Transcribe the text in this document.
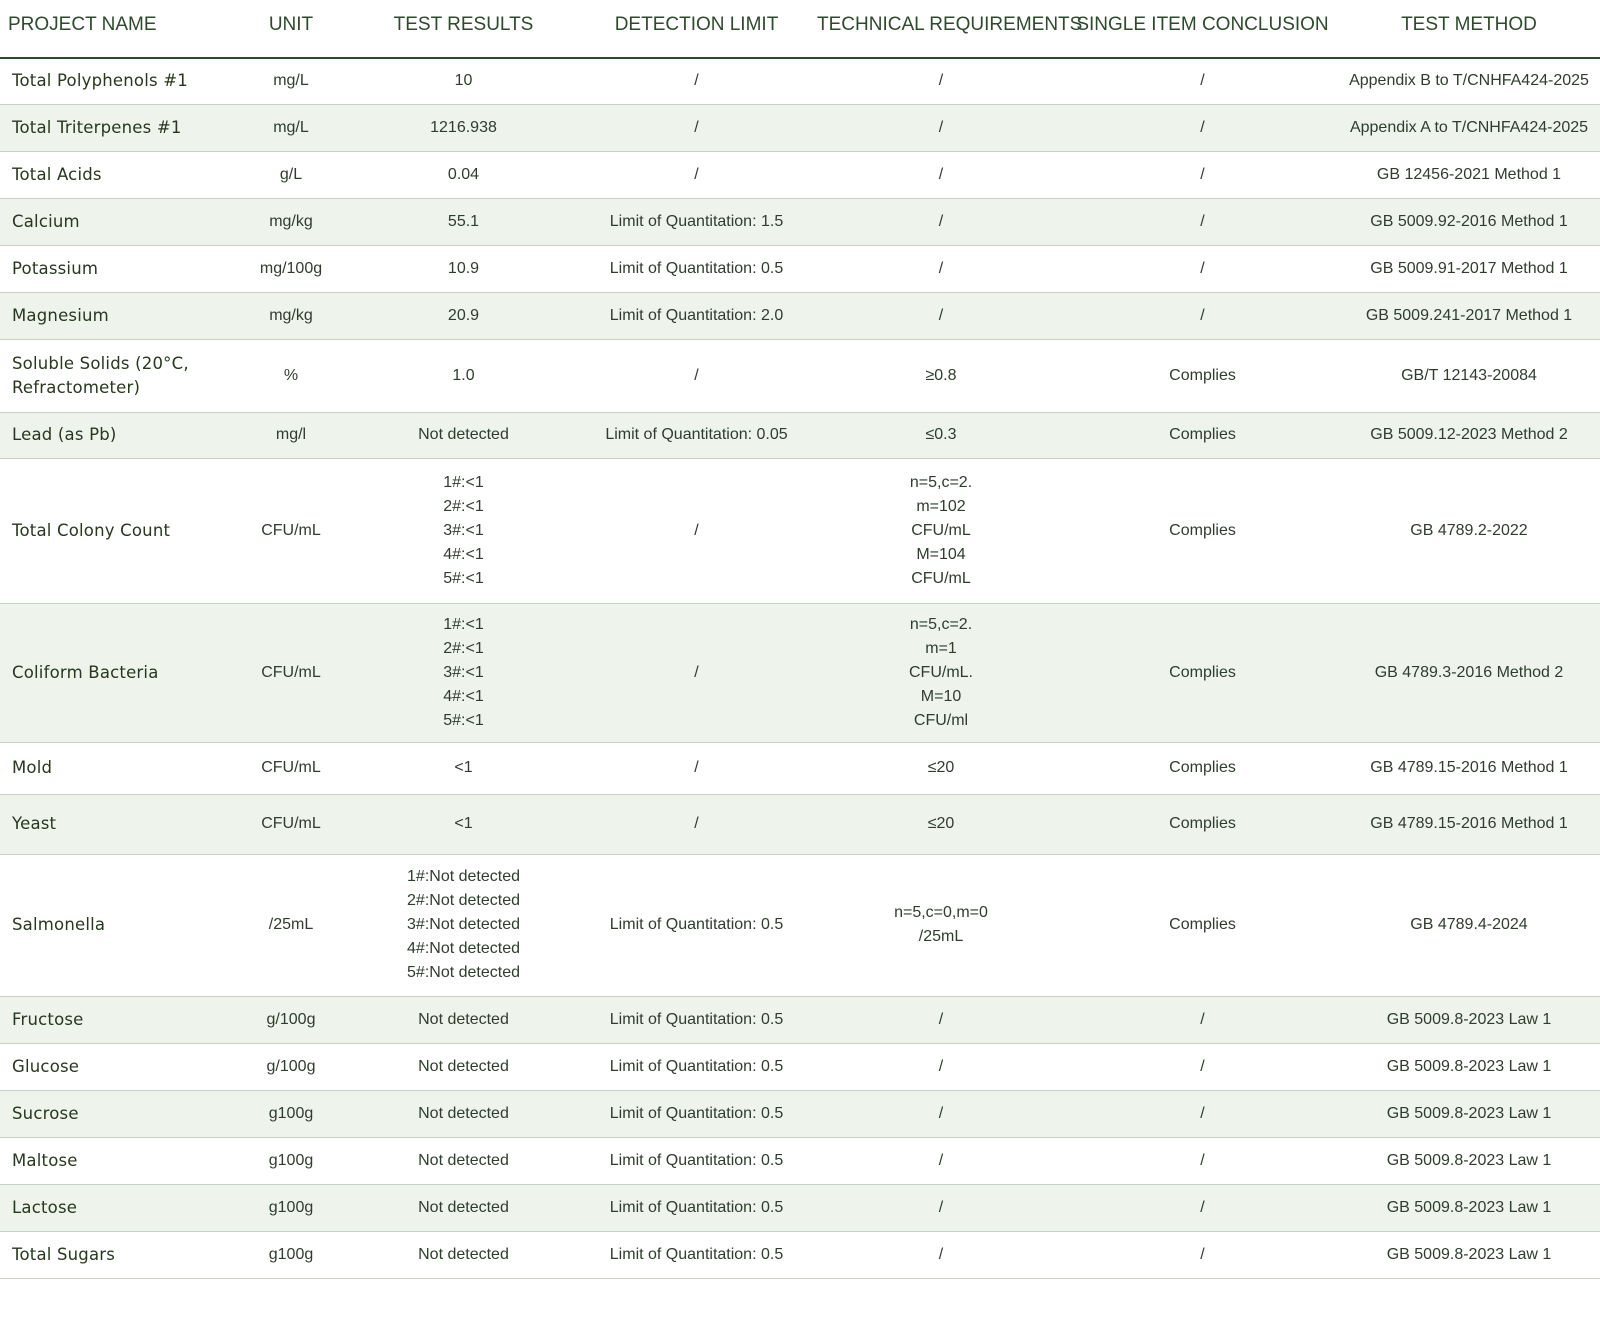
PROJECT NAME	UNIT	TEST RESULTS	DETECTION LIMIT	TECHNICAL REQUIREMENTS	SINGLE ITEM CONCLUSION	TEST METHOD

Total Polyphenols #1	mg/L	10	/	/	/	Appendix B to T/CNHFA424-2025

Total Triterpenes #1	mg/L	1216.938	/	/	/	Appendix A to T/CNHFA424-2025

Total Acids	g/L	0.04	/	/	/	GB 12456-2021 Method 1

Calcium	mg/kg	55.1	Limit of Quantitation: 1.5	/	/	GB 5009.92-2016 Method 1

Potassium	mg/100g	10.9	Limit of Quantitation: 0.5	/	/	GB 5009.91-2017 Method 1

Magnesium	mg/kg	20.9	Limit of Quantitation: 2.0	/	/	GB 5009.241-2017 Method 1

Soluble Solids (20°C,
Refractometer)	%	1.0	/	≥0.8	Complies	GB/T 12143-20084

Lead (as Pb)	mg/l	Not detected	Limit of Quantitation: 0.05	≤0.3	Complies	GB 5009.12-2023 Method 2

Total Colony Count	CFU/mL	1#:<1
2#:<1
3#:<1
4#:<1
5#:<1	/	n=5,c=2.
m=102
CFU/mL
M=104
CFU/mL	Complies	GB 4789.2-2022

Coliform Bacteria	CFU/mL	1#:<1
2#:<1
3#:<1
4#:<1
5#:<1	/	n=5,c=2.
m=1
CFU/mL.
M=10
CFU/ml	Complies	GB 4789.3-2016 Method 2

Mold	CFU/mL	<1	/	≤20	Complies	GB 4789.15-2016 Method 1

Yeast	CFU/mL	<1	/	≤20	Complies	GB 4789.15-2016 Method 1

Salmonella	/25mL	1#:Not detected
2#:Not detected
3#:Not detected
4#:Not detected
5#:Not detected	Limit of Quantitation: 0.5	n=5,c=0,m=0
/25mL	Complies	GB 4789.4-2024

Fructose	g/100g	Not detected	Limit of Quantitation: 0.5	/	/	GB 5009.8-2023 Law 1

Glucose	g/100g	Not detected	Limit of Quantitation: 0.5	/	/	GB 5009.8-2023 Law 1

Sucrose	g100g	Not detected	Limit of Quantitation: 0.5	/	/	GB 5009.8-2023 Law 1

Maltose	g100g	Not detected	Limit of Quantitation: 0.5	/	/	GB 5009.8-2023 Law 1

Lactose	g100g	Not detected	Limit of Quantitation: 0.5	/	/	GB 5009.8-2023 Law 1

Total Sugars	g100g	Not detected	Limit of Quantitation: 0.5	/	/	GB 5009.8-2023 Law 1
